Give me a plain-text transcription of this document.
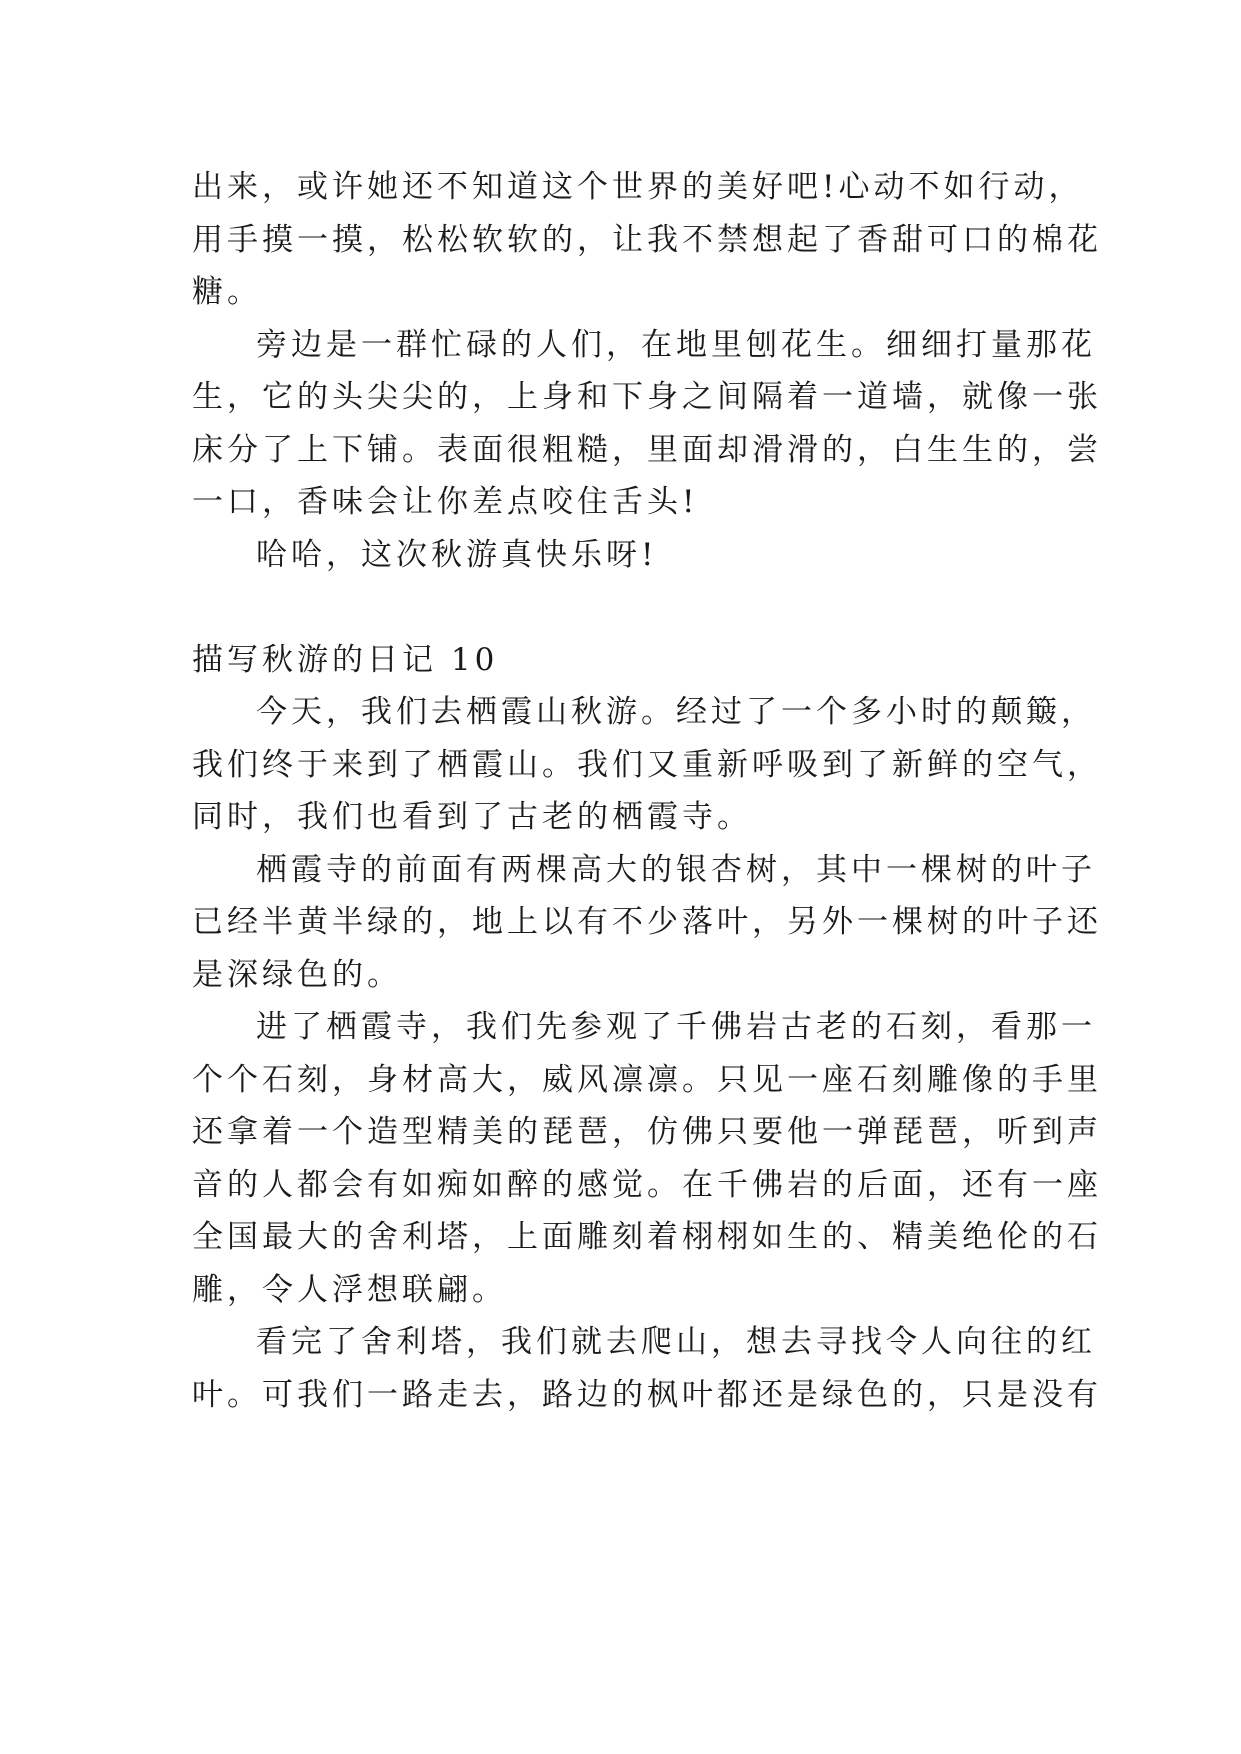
出来，或许她还不知道这个世界的美好吧!心动不如行动，
用手摸一摸，松松软软的，让我不禁想起了香甜可口的棉花
糖。
旁边是一群忙碌的人们，在地里刨花生。细细打量那花
生，它的头尖尖的，上身和下身之间隔着一道墙，就像一张
床分了上下铺。表面很粗糙，里面却滑滑的，白生生的，尝
一口，香味会让你差点咬住舌头!
哈哈，这次秋游真快乐呀!
描写秋游的日记 10
今天，我们去栖霞山秋游。经过了一个多小时的颠簸，
我们终于来到了栖霞山。我们又重新呼吸到了新鲜的空气，
同时，我们也看到了古老的栖霞寺。
栖霞寺的前面有两棵高大的银杏树，其中一棵树的叶子
已经半黄半绿的，地上以有不少落叶，另外一棵树的叶子还
是深绿色的。
进了栖霞寺，我们先参观了千佛岩古老的石刻，看那一
个个石刻，身材高大，威风凛凛。只见一座石刻雕像的手里
还拿着一个造型精美的琵琶，仿佛只要他一弹琵琶，听到声
音的人都会有如痴如醉的感觉。在千佛岩的后面，还有一座
全国最大的舍利塔，上面雕刻着栩栩如生的、精美绝伦的石
雕，令人浮想联翩。
看完了舍利塔，我们就去爬山，想去寻找令人向往的红
叶。可我们一路走去，路边的枫叶都还是绿色的，只是没有
